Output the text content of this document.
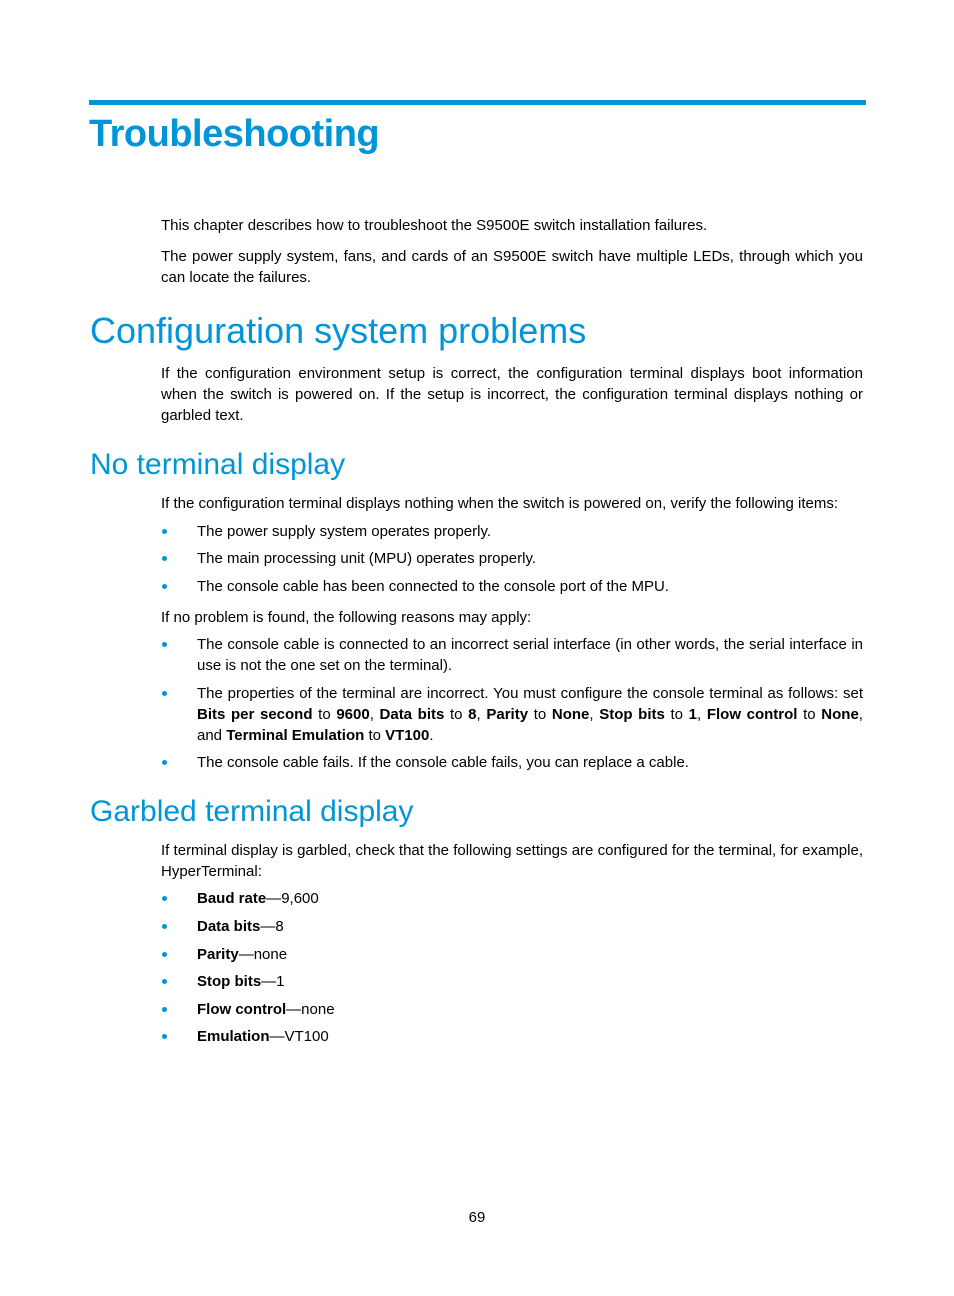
Troubleshooting

This chapter describes how to troubleshoot the S9500E switch installation failures.

The power supply system, fans, and cards of an S9500E switch have multiple LEDs, through which you can locate the failures.

Configuration system problems

If the configuration environment setup is correct, the configuration terminal displays boot information when the switch is powered on. If the setup is incorrect, the configuration terminal displays nothing or garbled text.

No terminal display

If the configuration terminal displays nothing when the switch is powered on, verify the following items:

The power supply system operates properly.

The main processing unit (MPU) operates properly.

The console cable has been connected to the console port of the MPU.

If no problem is found, the following reasons may apply:

The console cable is connected to an incorrect serial interface (in other words, the serial interface in use is not the one set on the terminal).

The properties of the terminal are incorrect. You must configure the console terminal as follows: set Bits per second to 9600, Data bits to 8, Parity to None, Stop bits to 1, Flow control to None, and Terminal Emulation to VT100.

The console cable fails. If the console cable fails, you can replace a cable.

Garbled terminal display

If terminal display is garbled, check that the following settings are configured for the terminal, for example, HyperTerminal:

Baud rate—9,600

Data bits—8

Parity—none

Stop bits—1

Flow control—none

Emulation—VT100

69
